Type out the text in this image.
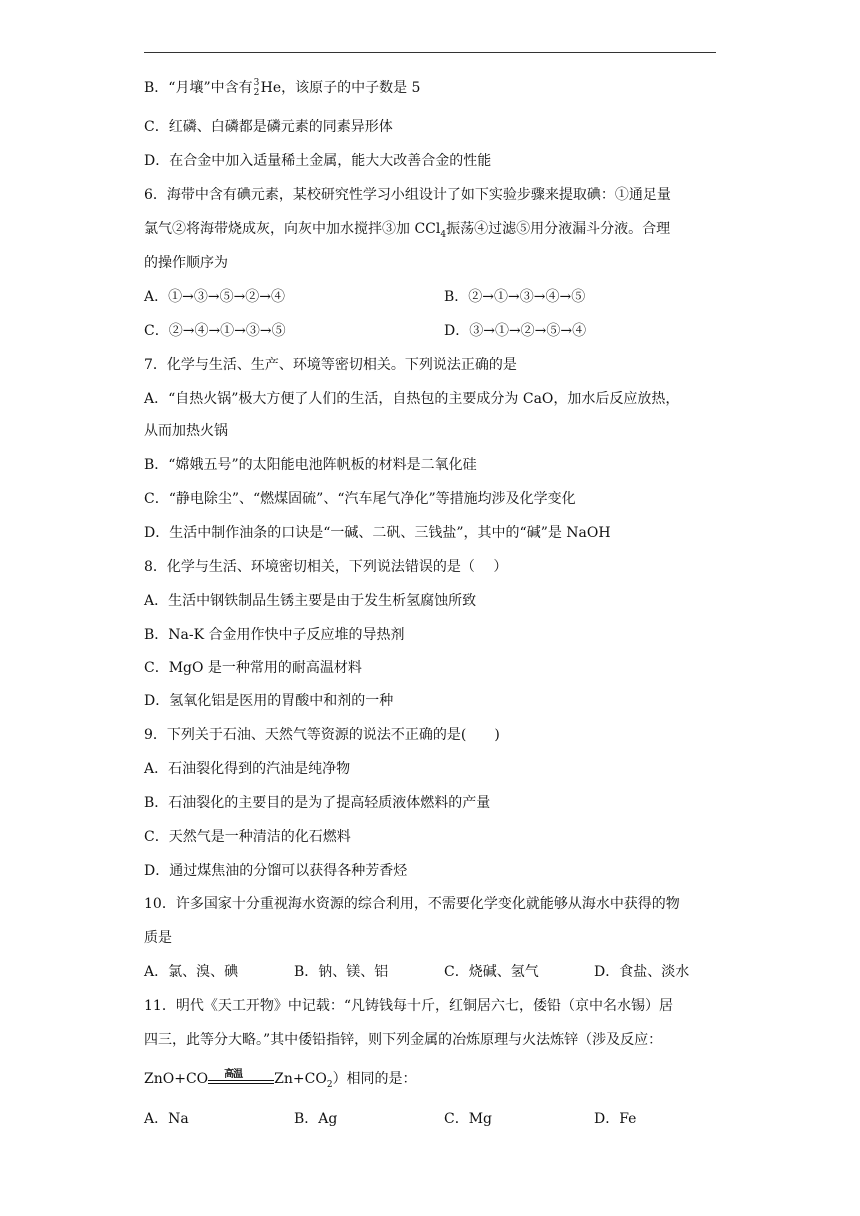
B．“月壤”中含有 3
2 He，该原子的中子数是 5
C．红磷、白磷都是磷元素的同素异形体
D．在合金中加入适量稀土金属，能大大改善合金的性能
6．海带中含有碘元素，某校研究性学习小组设计了如下实验步骤来提取碘：①通足量
氯气②将海带烧成灰，向灰中加水搅拌③加 CCl$_4$振荡④过滤⑤用分液漏斗分液。合理
的操作顺序为
A．①→③→⑤→②→④	B．②→①→③→④→⑤
C．②→④→①→③→⑤	D．③→①→②→⑤→④
7．化学与生活、生产、环境等密切相关。下列说法正确的是
A．“自热火锅”极大方便了人们的生活，自热包的主要成分为 CaO，加水后反应放热，
从而加热火锅
B．“嫦娥五号”的太阳能电池阵帆板的材料是二氧化硅
C．“静电除尘”、“燃煤固硫”、“汽车尾气净化”等措施均涉及化学变化
D．生活中制作油条的口诀是“一碱、二矾、三钱盐”，其中的“碱”是 NaOH
8．化学与生活、环境密切相关，下列说法错误的是（　 ）
A．生活中钢铁制品生锈主要是由于发生析氢腐蚀所致
B．Na-K 合金用作快中子反应堆的导热剂
C．MgO 是一种常用的耐高温材料
D．氢氧化铝是医用的胃酸中和剂的一种
9．下列关于石油、天然气等资源的说法不正确的是(　　)
A．石油裂化得到的汽油是纯净物
B．石油裂化的主要目的是为了提高轻质液体燃料的产量
C．天然气是一种清洁的化石燃料
D．通过煤焦油的分馏可以获得各种芳香烃
10．许多国家十分重视海水资源的综合利用，不需要化学变化就能够从海水中获得的物
质是
A．氯、溴、碘	B．钠、镁、铝	C．烧碱、氢气	D．食盐、淡水
11．明代《天工开物》中记载：“凡铸钱每十斤，红铜居六七，倭铅（京中名水锡）居
四三，此等分大略。”其中倭铅指锌，则下列金属的冶炼原理与火法炼锌（涉及反应：
ZnO+CO 高温 $Zn+CO_2$）相同的是：
A．Na	B．Ag	C．Mg	D．Fe
